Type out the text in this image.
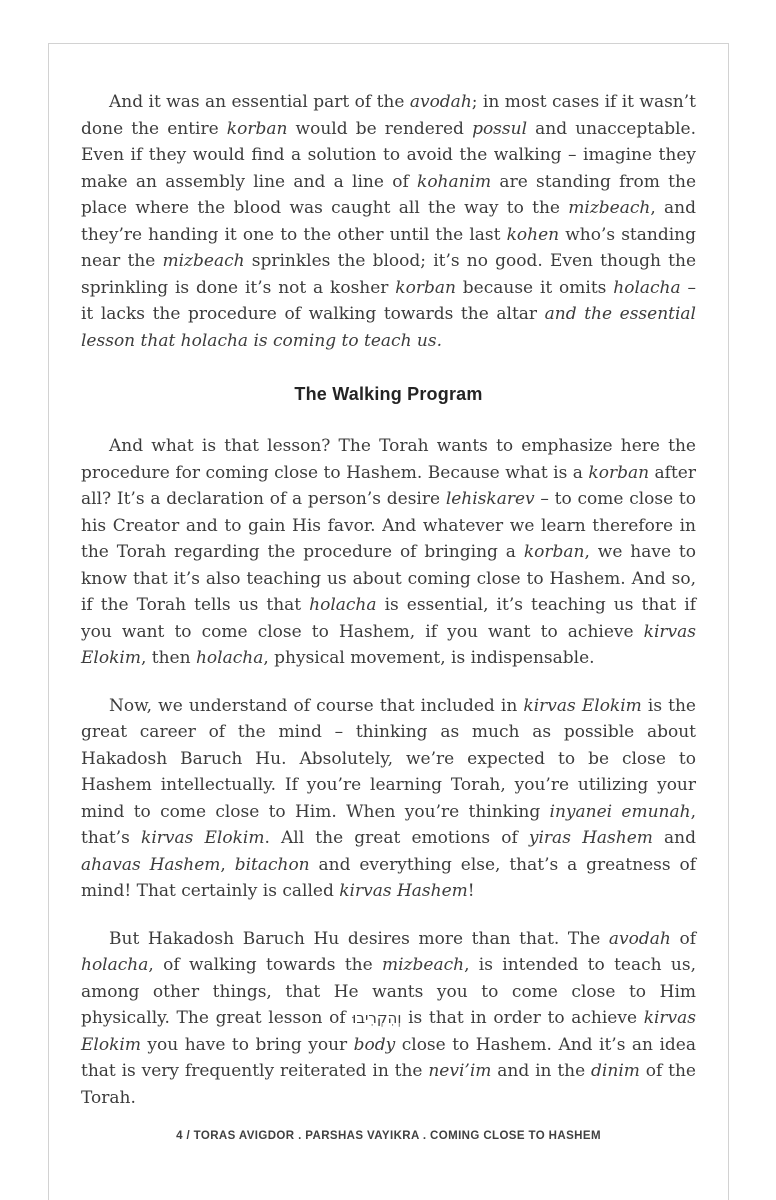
And it was an essential part of the avodah; in most cases if it wasn’t done the entire korban would be rendered possul and unacceptable. Even if they would find a solution to avoid the walking – imagine they make an assembly line and a line of kohanim are standing from the place where the blood was caught all the way to the mizbeach, and they’re handing it one to the other until the last kohen who’s standing near the mizbeach sprinkles the blood; it’s no good. Even though the sprinkling is done it’s not a kosher korban because it omits holacha – it lacks the procedure of walking towards the altar and the essential lesson that holacha is coming to teach us.

The Walking Program

And what is that lesson? The Torah wants to emphasize here the procedure for coming close to Hashem. Because what is a korban after all? It’s a declaration of a person’s desire lehiskarev – to come close to his Creator and to gain His favor. And whatever we learn therefore in the Torah regarding the procedure of bringing a korban, we have to know that it’s also teaching us about coming close to Hashem. And so, if the Torah tells us that holacha is essential, it’s teaching us that if you want to come close to Hashem, if you want to achieve kirvas Elokim, then holacha, physical movement, is indispensable.

Now, we understand of course that included in kirvas Elokim is the great career of the mind – thinking as much as possible about Hakadosh Baruch Hu. Absolutely, we’re expected to be close to Hashem intellectually. If you’re learning Torah, you’re utilizing your mind to come close to Him. When you’re thinking inyanei emunah, that’s kirvas Elokim. All the great emotions of yiras Hashem and ahavas Hashem, bitachon and everything else, that’s a greatness of mind! That certainly is called kirvas Hashem!

But Hakadosh Baruch Hu desires more than that. The avodah of holacha, of walking towards the mizbeach, is intended to teach us, among other things, that He wants you to come close to Him physically. The great lesson of וְהִקְרִיבוּ is that in order to achieve kirvas Elokim you have to bring your body close to Hashem. And it’s an idea that is very frequently reiterated in the nevi’im and in the dinim of the Torah.

4 / TORAS AVIGDOR . PARSHAS VAYIKRA . COMING CLOSE TO HASHEM
